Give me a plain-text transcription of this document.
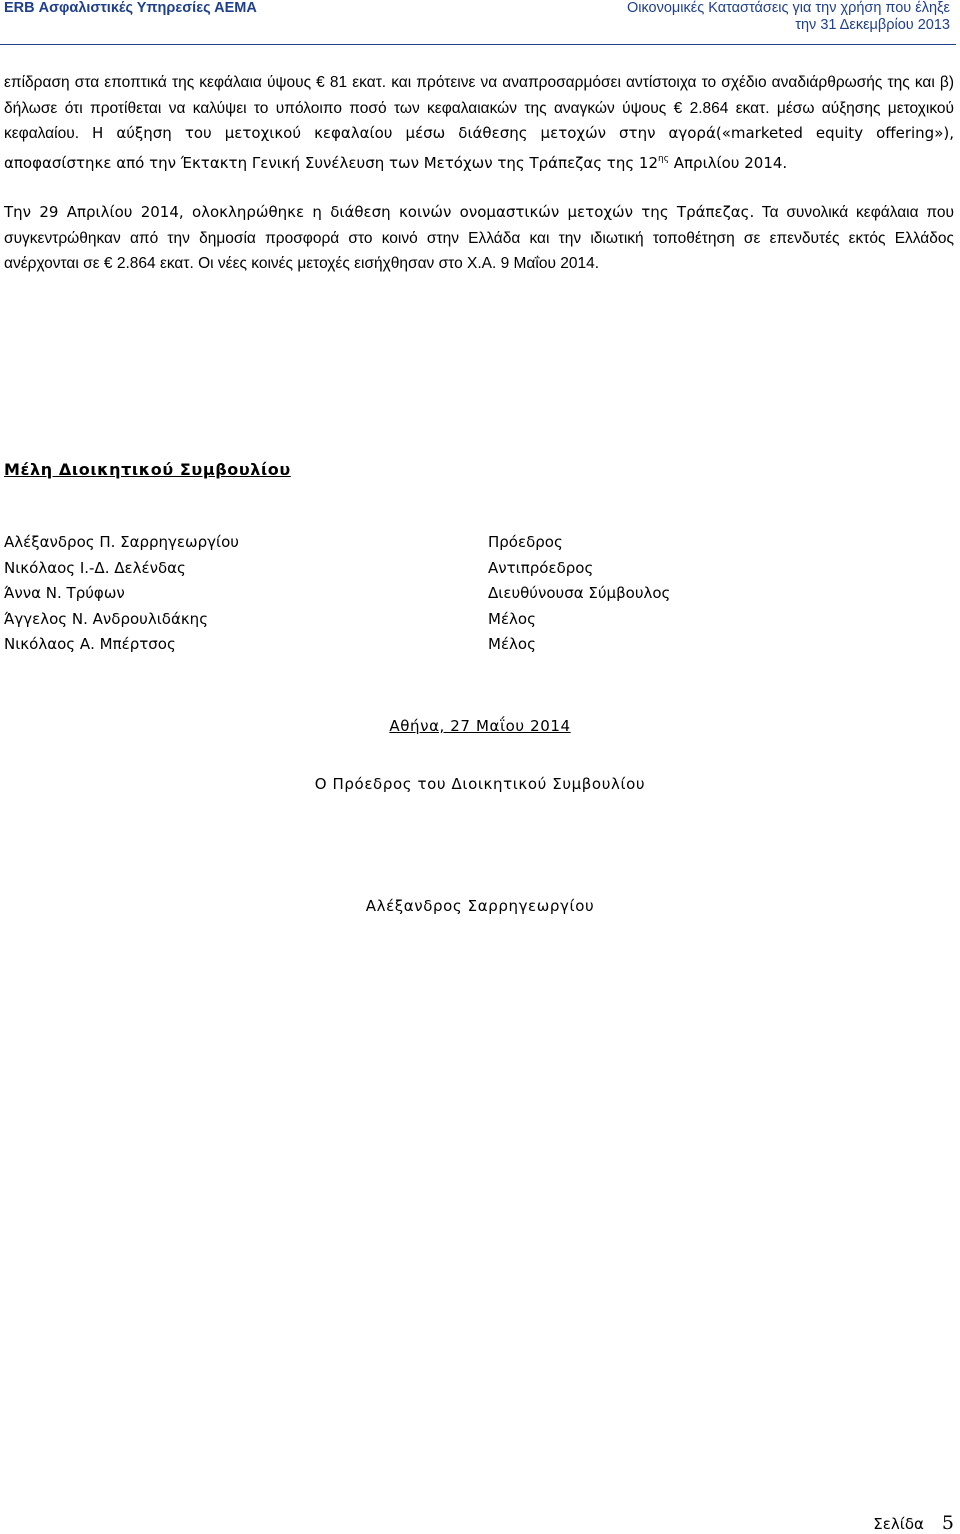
ERB Ασφαλιστικές Υπηρεσίες ΑΕΜΑ	Οικονομικές Καταστάσεις για την χρήση που έληξε
την 31 Δεκεμβρίου 2013
επίδραση στα εποπτικά της κεφάλαια ύψους € 81 εκατ. και πρότεινε να αναπροσαρμόσει αντίστοιχα το σχέδιο αναδιάρθρωσής της και β) δήλωσε ότι προτίθεται να καλύψει το υπόλοιπο ποσό των κεφαλαιακών της αναγκών ύψους € 2.864 εκατ. μέσω αύξησης μετοχικού κεφαλαίου. Η αύξηση του μετοχικού κεφαλαίου μέσω διάθεσης μετοχών στην αγορά(«marketed equity offering»), αποφασίστηκε από την Έκτακτη Γενική Συνέλευση των Μετόχων της Τράπεζας της $12^{\eta\varsigma}$ Απριλίου 2014.
Την 29 Απριλίου 2014, ολοκληρώθηκε η διάθεση κοινών ονομαστικών μετοχών της Τράπεζας. Τα συνολικά κεφάλαια που συγκεντρώθηκαν από την δημοσία προσφορά στο κοινό στην Ελλάδα και την ιδιωτική τοποθέτηση σε επενδυτές εκτός Ελλάδος ανέρχονται σε € 2.864 εκατ. Οι νέες κοινές μετοχές εισήχθησαν στο Χ.Α. 9 Μαΐου 2014.
Μέλη Διοικητικού Συμβουλίου
Αλέξανδρος Π. Σαρρηγεωργίου	Πρόεδρος
Νικόλαος Ι.-Δ. Δελένδας	Αντιπρόεδρος
Άννα Ν. Τρύφων	Διευθύνουσα Σύμβουλος
Άγγελος Ν. Ανδρουλιδάκης	Μέλος
Νικόλαος Α. Μπέρτσος	Μέλος
Αθήνα, 27 Μαΐου 2014
Ο Πρόεδρος του Διοικητικού Συμβουλίου
Αλέξανδρος Σαρρηγεωργίου
Σελίδα 5
